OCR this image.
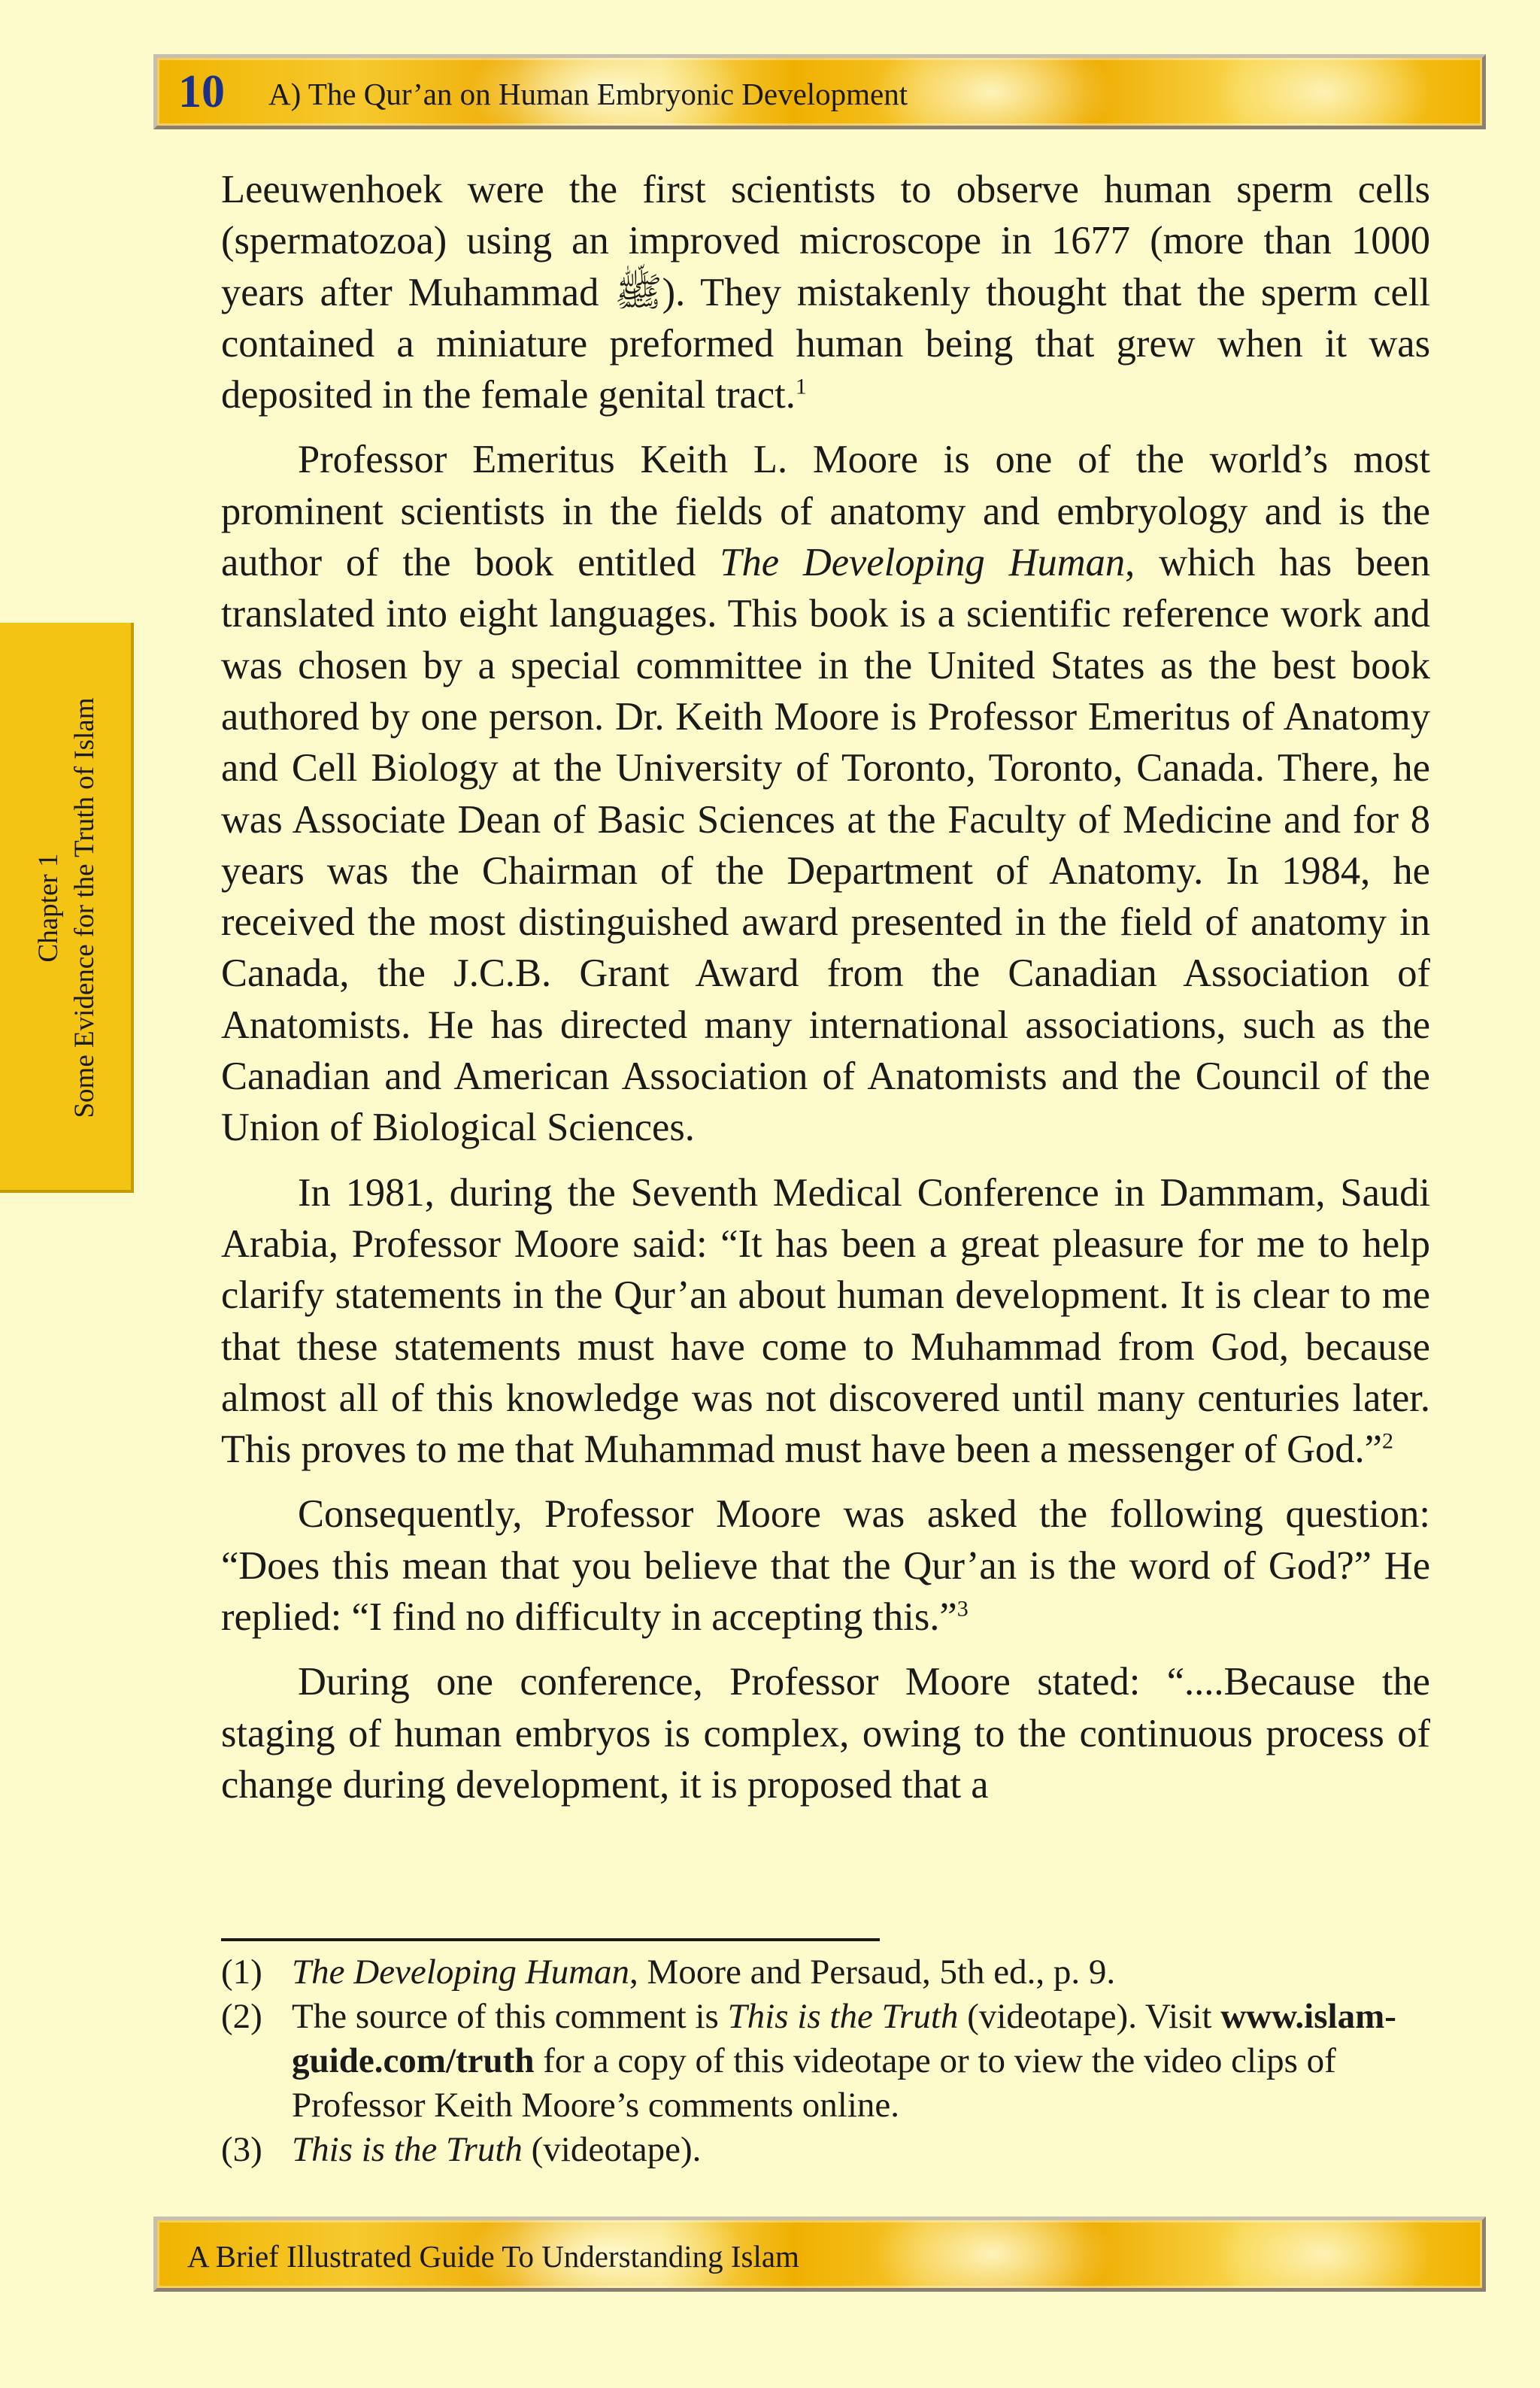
10 A) The Qur’an on Human Embryonic Development
Chapter 1 Some Evidence for the Truth of Islam

Leeuwenhoek were the first scientists to observe human sperm cells (spermatozoa) using an improved microscope in 1677 (more than 1000 years after Muhammad ﷺ). They mistakenly thought that the sperm cell contained a miniature preformed human being that grew when it was deposited in the female genital tract.$^1$

Professor Emeritus Keith L. Moore is one of the world’s most prominent scientists in the fields of anatomy and embryology and is the author of the book entitled The Developing Human, which has been translated into eight languages. This book is a scientific reference work and was chosen by a special committee in the United States as the best book authored by one person. Dr. Keith Moore is Professor Emeritus of Anatomy and Cell Biology at the University of Toronto, Toronto, Canada. There, he was Associate Dean of Basic Sciences at the Faculty of Medicine and for 8 years was the Chairman of the Department of Anatomy. In 1984, he received the most distinguished award presented in the field of anatomy in Canada, the J.C.B. Grant Award from the Canadian Association of Anatomists. He has directed many international associations, such as the Canadian and American Association of Anatomists and the Council of the Union of Biological Sciences.

In 1981, during the Seventh Medical Conference in Dammam, Saudi Arabia, Professor Moore said: “It has been a great pleasure for me to help clarify statements in the Qur’an about human development. It is clear to me that these statements must have come to Muhammad from God, because almost all of this knowledge was not discovered until many centuries later. This proves to me that Muhammad must have been a messenger of God.”$^2$

Consequently, Professor Moore was asked the following question: “Does this mean that you believe that the Qur’an is the word of God?” He replied: “I find no difficulty in accepting this.”$^3$

During one conference, Professor Moore stated: “....Because the staging of human embryos is complex, owing to the continuous process of change during development, it is proposed that a

(1) The Developing Human, Moore and Persaud, 5th ed., p. 9.
(2) The source of this comment is This is the Truth (videotape). Visit www.islam-guide.com/truth for a copy of this videotape or to view the video clips of Professor Keith Moore’s comments online.
(3) This is the Truth (videotape).
A Brief Illustrated Guide To Understanding Islam
